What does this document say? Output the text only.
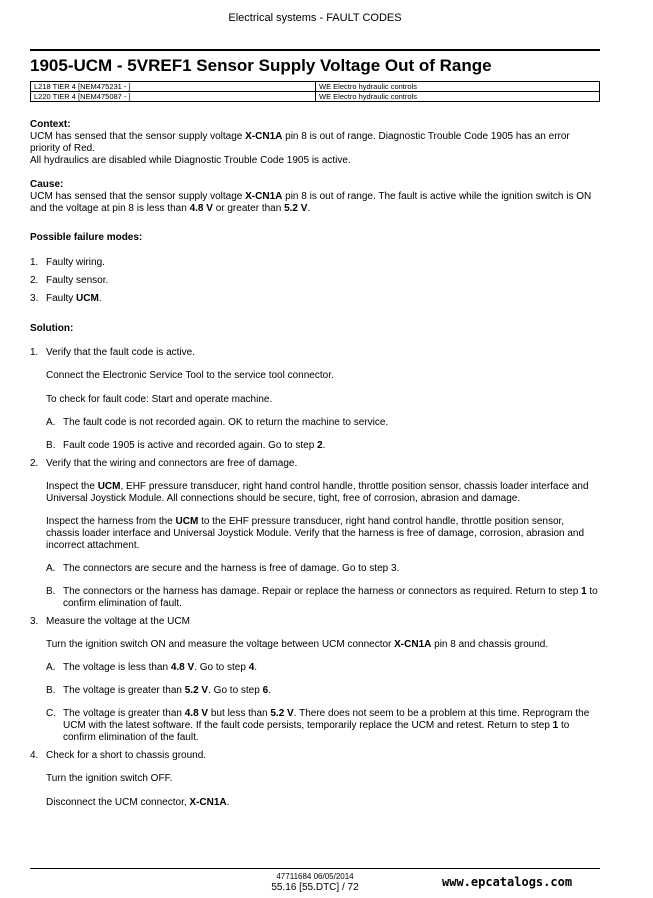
Electrical systems - FAULT CODES
1905-UCM - 5VREF1 Sensor Supply Voltage Out of Range
L218 TIER 4 [NEM475231 - ]	WE Electro hydraulic controls
L220 TIER 4 [NEM475087 - ]	WE Electro hydraulic controls

Context:

UCM has sensed that the sensor supply voltage X-CN1A pin 8 is out of range. Diagnostic Trouble Code 1905 has an error priority of Red.

All hydraulics are disabled while Diagnostic Trouble Code 1905 is active.

Cause:

UCM has sensed that the sensor supply voltage X-CN1A pin 8 is out of range. The fault is active while the ignition switch is ON and the voltage at pin 8 is less than 4.8 V or greater than 5.2 V.

Possible failure modes:

1. Faulty wiring.
2. Faulty sensor.
3. Faulty UCM.

Solution:

1. Verify that the fault code is active.

Connect the Electronic Service Tool to the service tool connector.

To check for fault code: Start and operate machine.

A. The fault code is not recorded again. OK to return the machine to service.
B. Fault code 1905 is active and recorded again. Go to step 2.
2. Verify that the wiring and connectors are free of damage.

Inspect the UCM, EHF pressure transducer, right hand control handle, throttle position sensor, chassis loader interface and Universal Joystick Module. All connections should be secure, tight, free of corrosion, abrasion and damage.

Inspect the harness from the UCM to the EHF pressure transducer, right hand control handle, throttle position sensor, chassis loader interface and Universal Joystick Module. Verify that the harness is free of damage, corrosion, abrasion and incorrect attachment.

A. The connectors are secure and the harness is free of damage. Go to step 3.
B. The connectors or the harness has damage. Repair or replace the harness or connectors as required. Return to step 1 to confirm elimination of fault.
3. Measure the voltage at the UCM

Turn the ignition switch ON and measure the voltage between UCM connector X-CN1A pin 8 and chassis ground.

A. The voltage is less than 4.8 V. Go to step 4.
B. The voltage is greater than 5.2 V. Go to step 6.
C. The voltage is greater than 4.8 V but less than 5.2 V. There does not seem to be a problem at this time. Reprogram the UCM with the latest software. If the fault code persists, temporarily replace the UCM and retest. Return to step 1 to confirm elimination of the fault.
4. Check for a short to chassis ground.

Turn the ignition switch OFF.

Disconnect the UCM connector, X-CN1A.

47711684 06/05/2014
55.16 [55.DTC] / 72	www.epcatalogs.com
